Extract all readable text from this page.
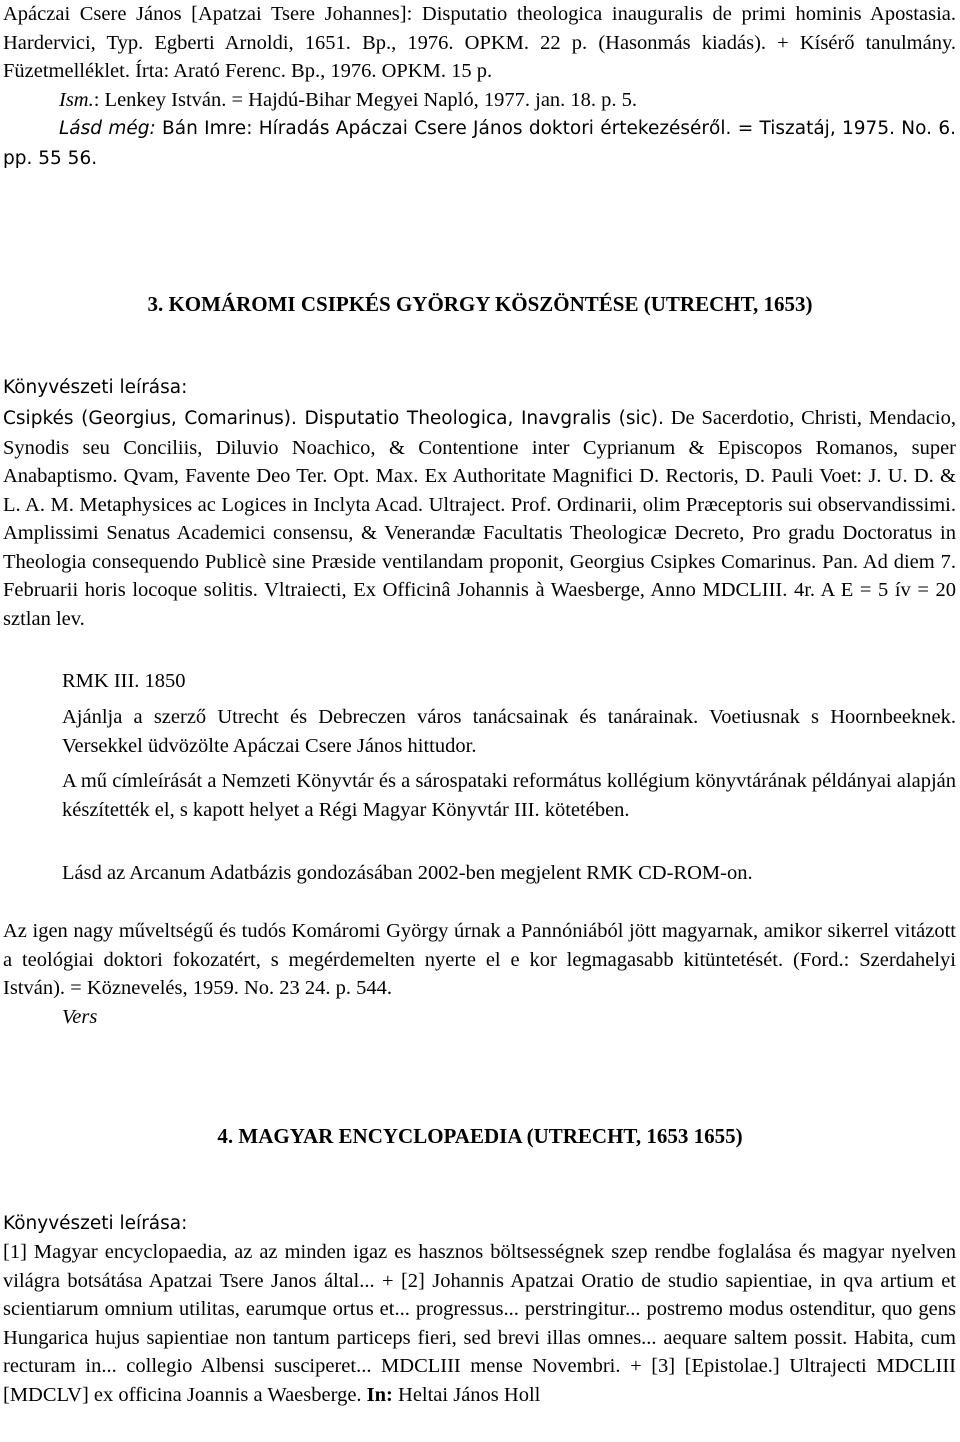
Apáczai Csere János [Apatzai Tsere Johannes]: Disputatio theologica inauguralis de primi hominis Apostasia. Hardervici, Typ. Egberti Arnoldi, 1651. Bp., 1976. OPKM. 22 p. (Hasonmás kiadás). + Kísérő tanulmány. Füzetmelléklet. Írta: Arató Ferenc. Bp., 1976. OPKM. 15 p.
Ism.: Lenkey István. = Hajdú-Bihar Megyei Napló, 1977. jan. 18. p. 5.
Lásd még: Bán Imre: Híradás Apáczai Csere János doktori értekezéséről. = Tiszatáj, 1975. No. 6. pp. 55 56.

3. KOMÁROMI CSIPKÉS GYÖRGY KÖSZÖNTÉSE (UTRECHT, 1653)

Könyvészeti leírása:

Csipkés (Georgius, Comarinus). Disputatio Theologica, Inavgralis (sic). De Sacerdotio, Christi, Mendacio, Synodis seu Conciliis, Diluvio Noachico, & Contentione inter Cyprianum & Episcopos Romanos, super Anabaptismo. Qvam, Favente Deo Ter. Opt. Max. Ex Authoritate Magnifici D. Rectoris, D. Pauli Voet: J. U. D. & L. A. M. Metaphysices ac Logices in Inclyta Acad. Ultraject. Prof. Ordinarii, olim Præceptoris sui observandissimi. Amplissimi Senatus Academici consensu, & Venerandæ Facultatis Theologicæ Decreto, Pro gradu Doctoratus in Theologia consequendo Publicè sine Præside ventilandam proponit, Georgius Csipkes Comarinus. Pan. Ad diem 7. Februarii horis locoque solitis. Vltraiecti, Ex Officinâ Johannis à Waesberge, Anno MDCLIII. 4r. A E = 5 ív = 20 sztlan lev.

RMK III. 1850

Ajánlja a szerző Utrecht és Debreczen város tanácsainak és tanárainak. Voetiusnak s Hoornbeeknek. Versekkel üdvözölte Apáczai Csere János hittudor.

A mű címleírását a Nemzeti Könyvtár és a sárospataki református kollégium könyvtárának példányai alapján készítették el, s kapott helyet a Régi Magyar Könyvtár III. kötetében.

Lásd az Arcanum Adatbázis gondozásában 2002-ben megjelent RMK CD-ROM-on.

Az igen nagy műveltségű és tudós Komáromi György úrnak a Pannóniából jött magyarnak, amikor sikerrel vitázott a teológiai doktori fokozatért, s megérdemelten nyerte el e kor legmagasabb kitüntetését. (Ford.: Szerdahelyi István). = Köznevelés, 1959. No. 23 24. p. 544.

Vers

4. MAGYAR ENCYCLOPAEDIA (UTRECHT, 1653 1655)

Könyvészeti leírása:

[1] Magyar encyclopaedia, az az minden igaz es hasznos böltsességnek szep rendbe foglalása és magyar nyelven világra botsátása Apatzai Tsere Janos által... + [2] Johannis Apatzai Oratio de studio sapientiae, in qva artium et scientiarum omnium utilitas, earumque ortus et... progressus... perstringitur... postremo modus ostenditur, quo gens Hungarica hujus sapientiae non tantum particeps fieri, sed brevi illas omnes... aequare saltem possit. Habita, cum recturam in... collegio Albensi susciperet... MDCLIII mense Novembri. + [3] [Epistolae.] Ultrajecti MDCLIII [MDCLV] ex officina Joannis a Waesberge. In: Heltai János Holl
